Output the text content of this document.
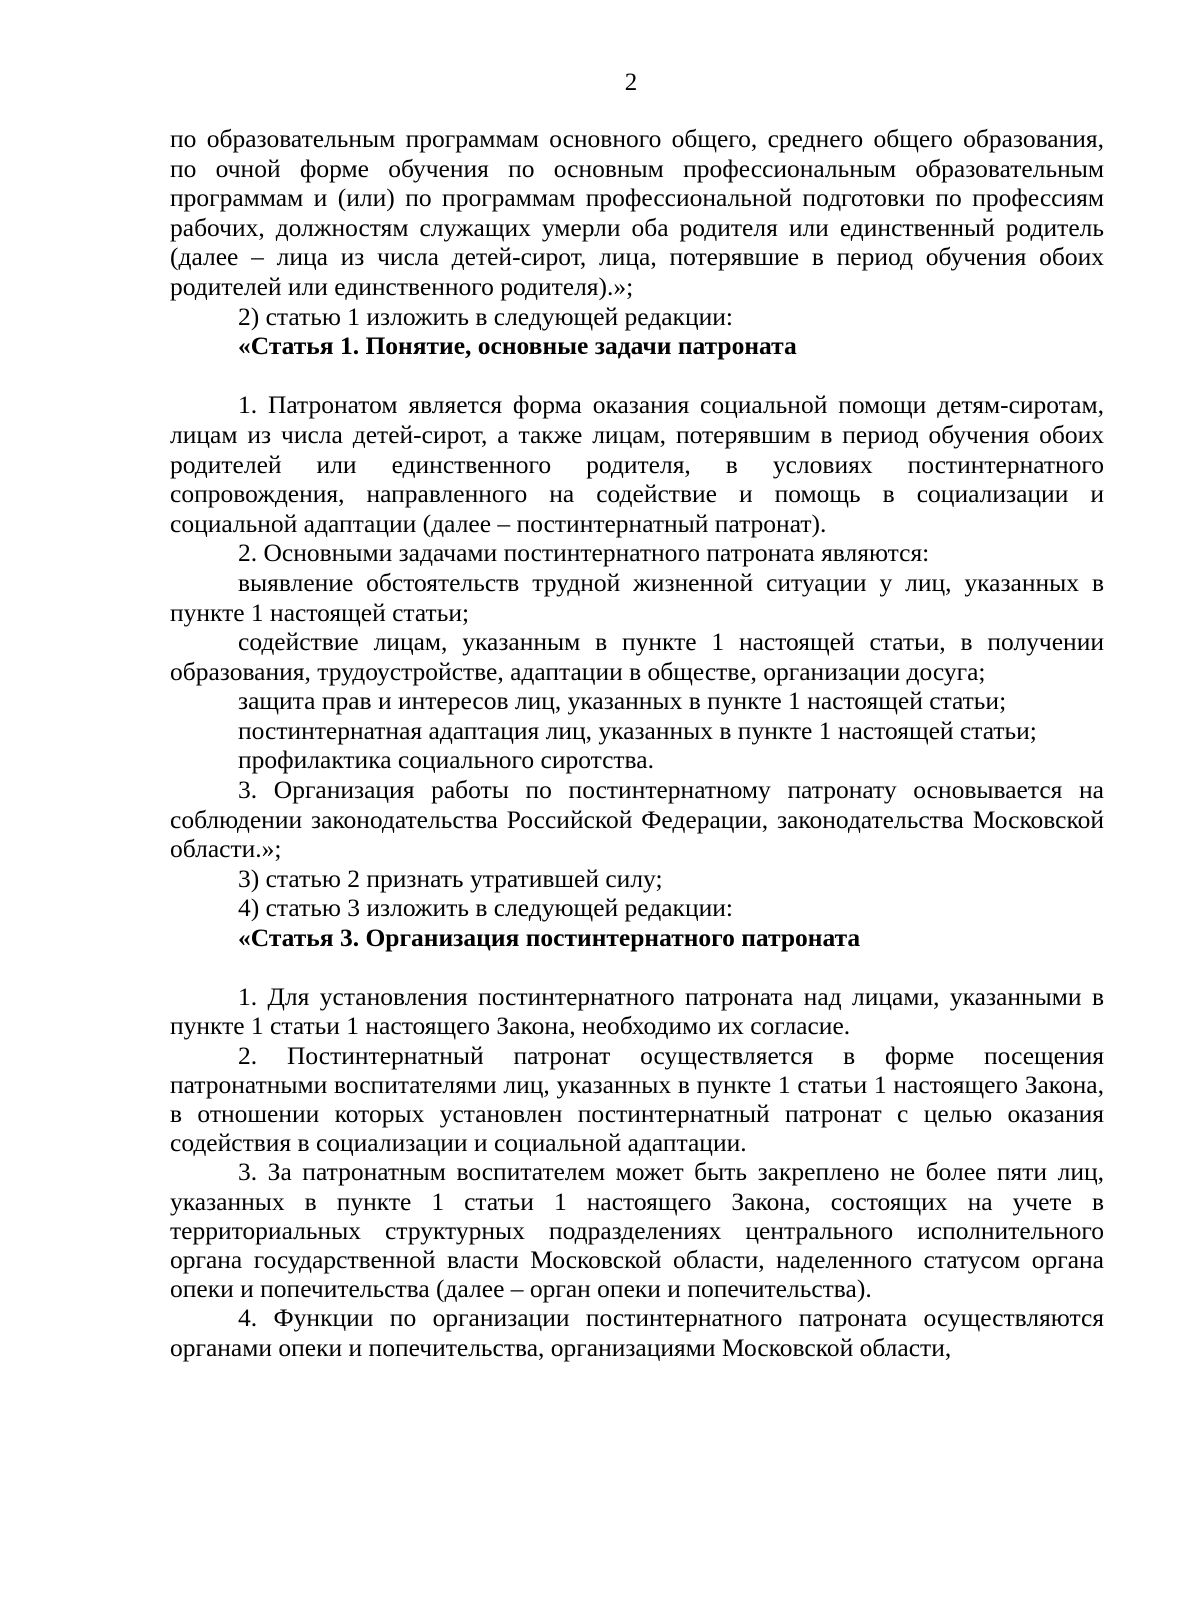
2

по образовательным программам основного общего, среднего общего образования, по очной форме обучения по основным профессиональным образовательным программам и (или) по программам профессиональной подготовки по профессиям рабочих, должностям служащих умерли оба родителя или единственный родитель (далее – лица из числа детей-сирот, лица, потерявшие в период обучения обоих родителей или единственного родителя).»;

2) статью 1 изложить в следующей редакции:

«Статья 1. Понятие, основные задачи патроната

1. Патронатом является форма оказания социальной помощи детям-сиротам, лицам из числа детей-сирот, а также лицам, потерявшим в период обучения обоих родителей или единственного родителя, в условиях постинтернатного сопровождения, направленного на содействие и помощь в социализации и социальной адаптации (далее – постинтернатный патронат).

2. Основными задачами постинтернатного патроната являются:

выявление обстоятельств трудной жизненной ситуации у лиц, указанных в пункте 1 настоящей статьи;

содействие лицам, указанным в пункте 1 настоящей статьи, в получении образования, трудоустройстве, адаптации в обществе, организации досуга;

защита прав и интересов лиц, указанных в пункте 1 настоящей статьи;

постинтернатная адаптация лиц, указанных в пункте 1 настоящей статьи;

профилактика социального сиротства.

3. Организация работы по постинтернатному патронату основывается на соблюдении законодательства Российской Федерации, законодательства Московской области.»;

3) статью 2 признать утратившей силу;

4) статью 3 изложить в следующей редакции:

«Статья 3. Организация постинтернатного патроната

1. Для установления постинтернатного патроната над лицами, указанными в пункте 1 статьи 1 настоящего Закона, необходимо их согласие.

2. Постинтернатный патронат осуществляется в форме посещения патронатными воспитателями лиц, указанных в пункте 1 статьи 1 настоящего Закона, в отношении которых установлен постинтернатный патронат с целью оказания содействия в социализации и социальной адаптации.

3. За патронатным воспитателем может быть закреплено не более пяти лиц, указанных в пункте 1 статьи 1 настоящего Закона, состоящих на учете в территориальных структурных подразделениях центрального исполнительного органа государственной власти Московской области, наделенного статусом органа опеки и попечительства (далее – орган опеки и попечительства).

4. Функции по организации постинтернатного патроната осуществляются органами опеки и попечительства, организациями Московской области,
